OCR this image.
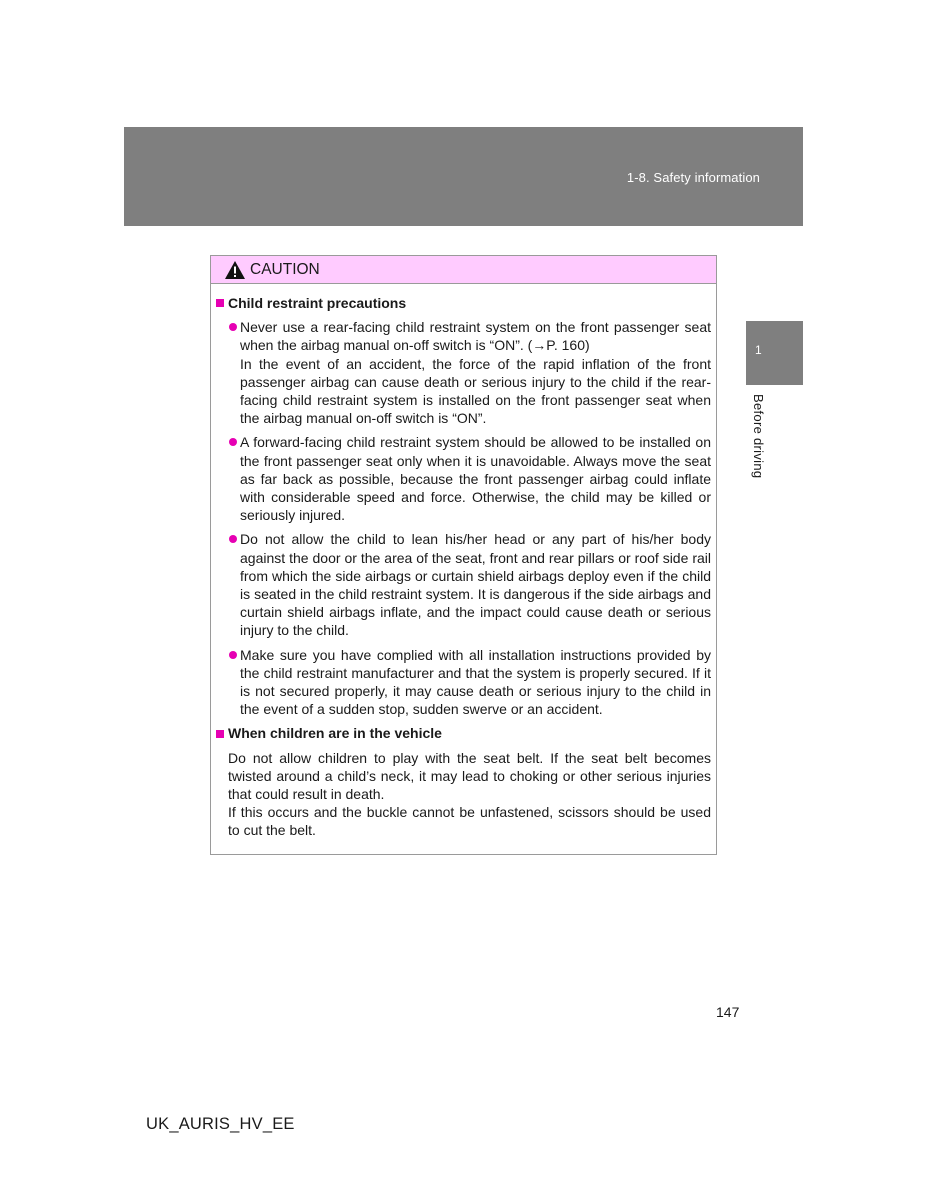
1-8. Safety information
1
Before driving
CAUTION
Child restraint precautions

Never use a rear-facing child restraint system on the front passenger seat when the airbag manual on-off switch is “ON”. (→P. 160)

In the event of an accident, the force of the rapid inflation of the front passenger airbag can cause death or serious injury to the child if the rear-facing child restraint system is installed on the front passenger seat when the airbag manual on-off switch is “ON”.

A forward-facing child restraint system should be allowed to be installed on the front passenger seat only when it is unavoidable. Always move the seat as far back as possible, because the front passenger airbag could inflate with considerable speed and force. Otherwise, the child may be killed or seriously injured.

Do not allow the child to lean his/her head or any part of his/her body against the door or the area of the seat, front and rear pillars or roof side rail from which the side airbags or curtain shield airbags deploy even if the child is seated in the child restraint system. It is dangerous if the side airbags and curtain shield airbags inflate, and the impact could cause death or serious injury to the child.

Make sure you have complied with all installation instructions provided by the child restraint manufacturer and that the system is properly secured. If it is not secured properly, it may cause death or serious injury to the child in the event of a sudden stop, sudden swerve or an accident.

When children are in the vehicle

Do not allow children to play with the seat belt. If the seat belt becomes twisted around a child’s neck, it may lead to choking or other serious injuries that could result in death.

If this occurs and the buckle cannot be unfastened, scissors should be used to cut the belt.

147
UK_AURIS_HV_EE
